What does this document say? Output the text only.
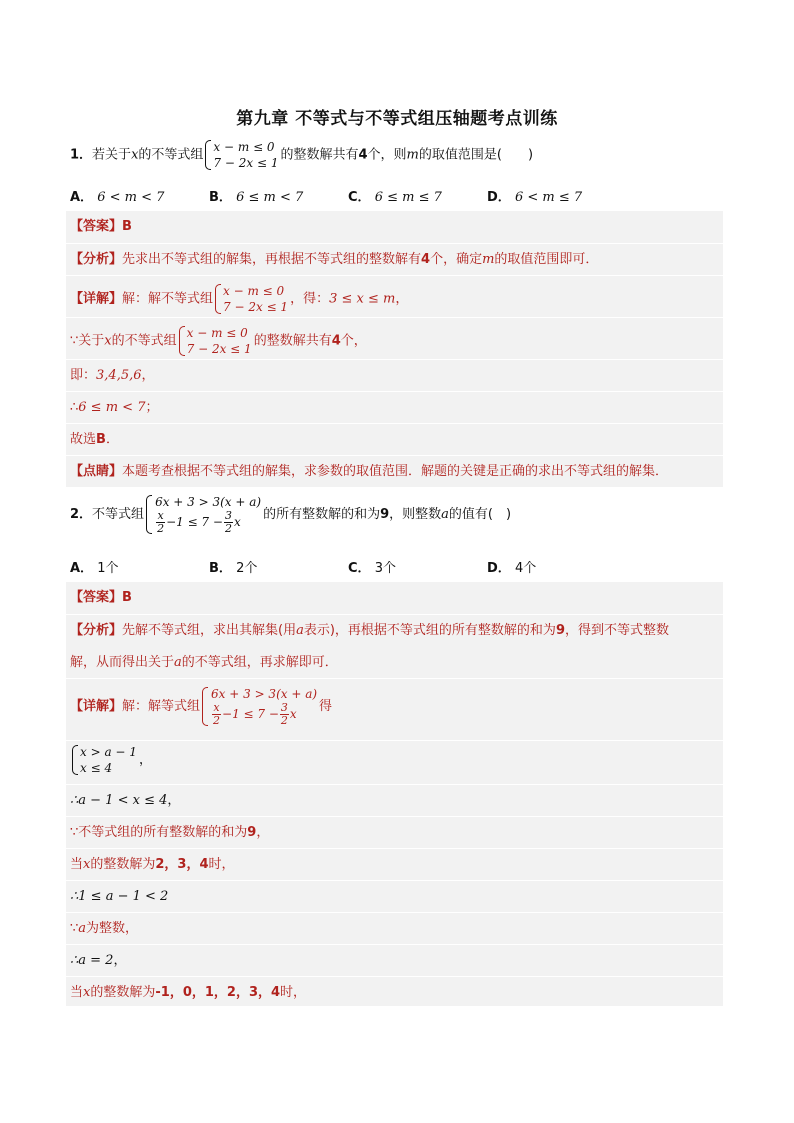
第九章 不等式与不等式组压轴题考点训练
1．若关于x的不等式组
x − m ≤ 0
7 − 2x ≤ 1
的整数解共有4个，则m的取值范围是(　　)
A． 6 < m < 7	B． 6 ≤ m < 7	C． 6 ≤ m ≤ 7	D． 6 < m ≤ 7
【答案】B
【分析】先求出不等式组的解集，再根据不等式组的整数解有4个，确定m的取值范围即可．
【详解】解：解不等式组
x − m ≤ 0
7 − 2x ≤ 1
，得：3 ≤ x ≤ m，
∵关于x的不等式组
x − m ≤ 0
7 − 2x ≤ 1
的整数解共有4个，
即：3,4,5,6，
∴6 ≤ m < 7；
故选B．
【点睛】本题考查根据不等式组的解集，求参数的取值范围．解题的关键是正确的求出不等式组的解集．
2．不等式组
6x + 3 > 3(x + a)
$\frac{x}{2} -1 \le 7 - \frac{3}{2}$ x	的所有整数解的和为9，则整数a的值有(　)
A． 1个	B． 2个	C． 3个	D． 4个
【答案】B
【分析】先解不等式组，求出其解集(用a表示)，再根据不等式组的所有整数解的和为9，得到不等式整数
解，从而得出关于a的不等式组，再求解即可．
【详解】解：解等式组
6x + 3 > 3(x + a)
$\frac{x}{2} -1 \le 7 - \frac{3}{2}$ x	得
x > a − 1
x ≤ 4
，
∴a − 1 < x ≤ 4，
∵不等式组的所有整数解的和为9，
当x的整数解为2，3，4时，
∴1 ≤ a − 1 < 2
∵a为整数，
∴a = 2，
当x的整数解为-1，0，1，2，3，4时，
